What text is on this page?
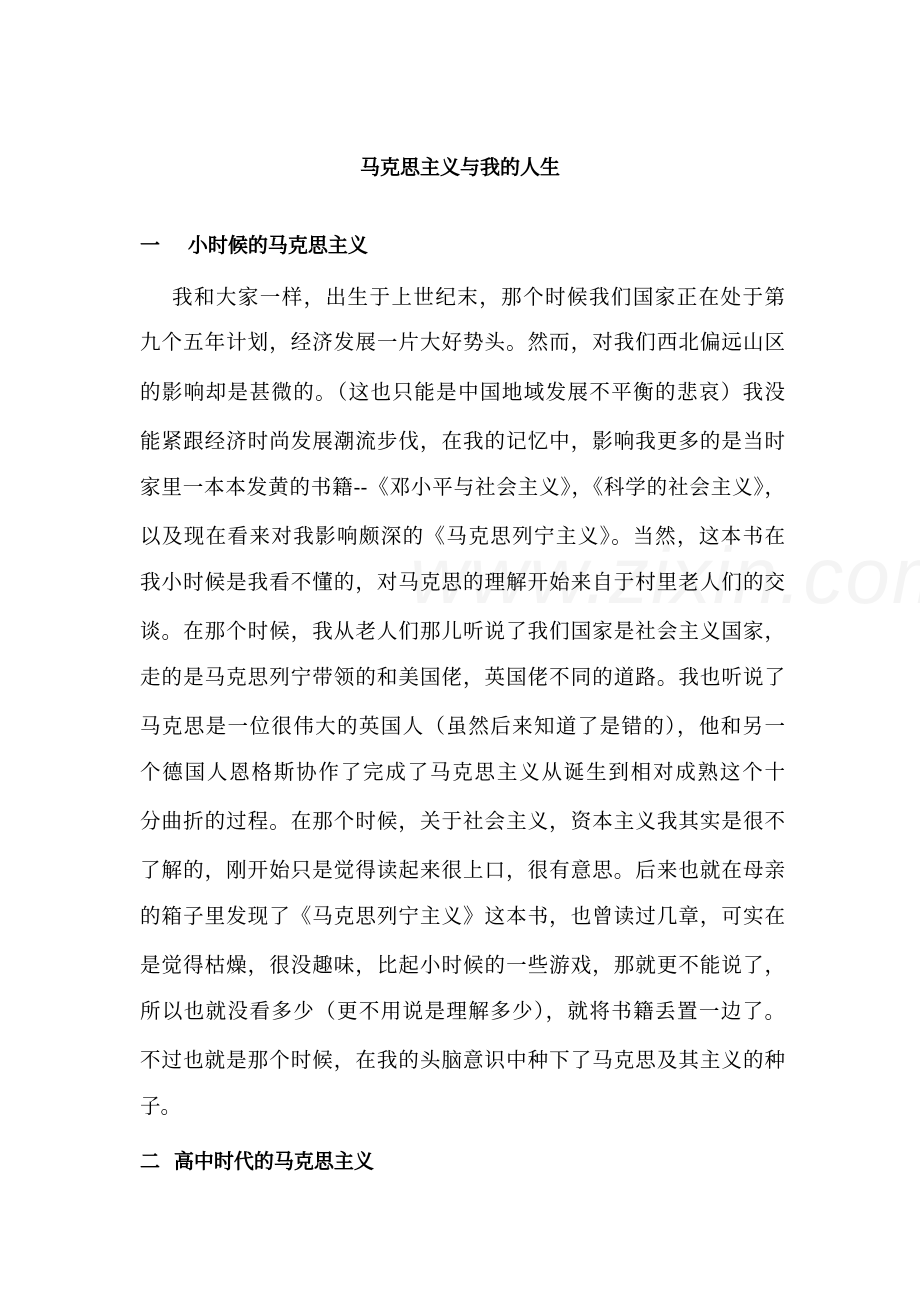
马克思主义与我的人生
一    小时候的马克思主义
我和大家一样，出生于上世纪末，那个时候我们国家正在处于第
九个五年计划，经济发展一片大好势头。然而，对我们西北偏远山区
的影响却是甚微的。（这也只能是中国地域发展不平衡的悲哀）我没
能紧跟经济时尚发展潮流步伐，在我的记忆中，影响我更多的是当时
家里一本本发黄的书籍--《邓小平与社会主义》，《科学的社会主义》，
以及现在看来对我影响颇深的《马克思列宁主义》。当然，这本书在
我小时候是我看不懂的，对马克思的理解开始来自于村里老人们的交
谈。在那个时候，我从老人们那儿听说了我们国家是社会主义国家，
走的是马克思列宁带领的和美国佬，英国佬不同的道路。我也听说了
马克思是一位很伟大的英国人（虽然后来知道了是错的），他和另一
个德国人恩格斯协作了完成了马克思主义从诞生到相对成熟这个十
分曲折的过程。在那个时候，关于社会主义，资本主义我其实是很不
了解的，刚开始只是觉得读起来很上口，很有意思。后来也就在母亲
的箱子里发现了《马克思列宁主义》这本书，也曾读过几章，可实在
是觉得枯燥，很没趣味，比起小时候的一些游戏，那就更不能说了，
所以也就没看多少（更不用说是理解多少），就将书籍丢置一边了。
不过也就是那个时候，在我的头脑意识中种下了马克思及其主义的种
子。
二  高中时代的马克思主义
